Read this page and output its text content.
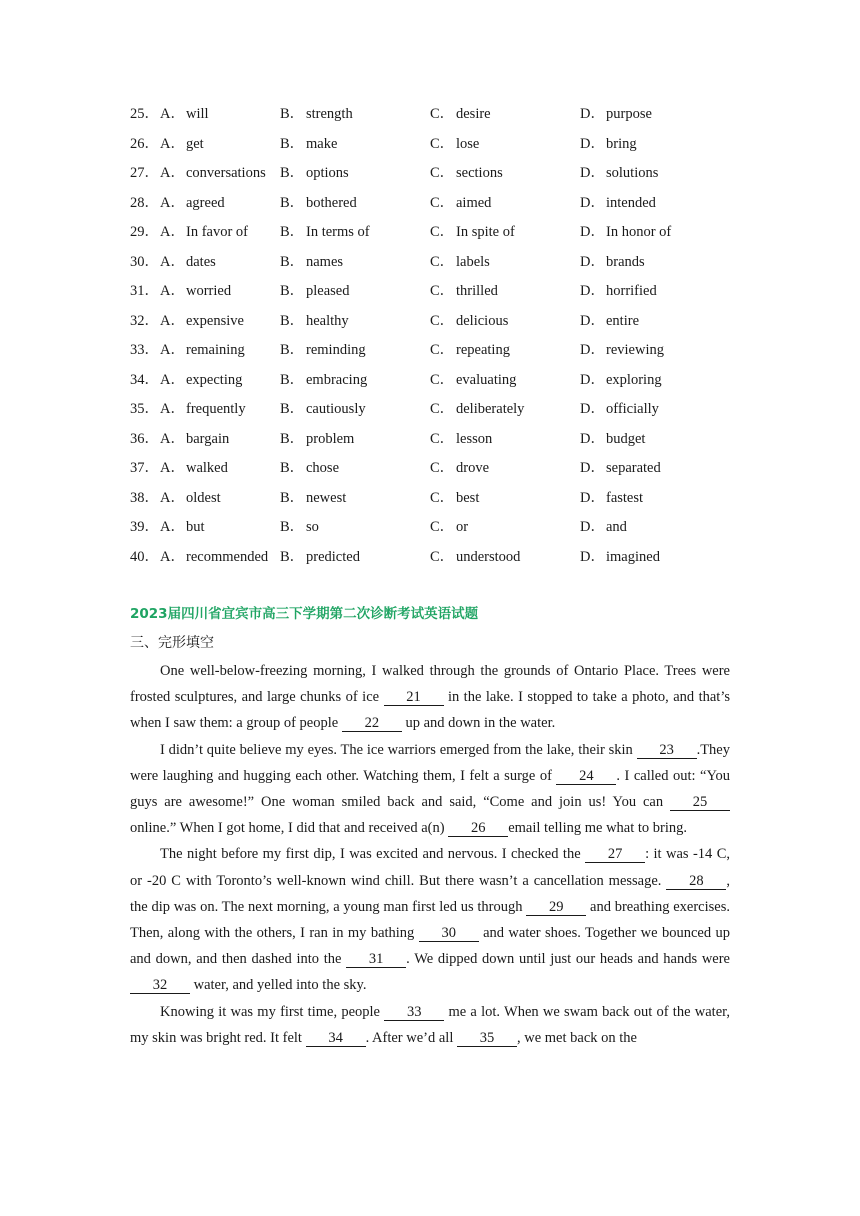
25． A．will	B． strength	C． desire	D．purpose
26． A．get	B． make	C． lose	D．bring
27． A．conversations B． options	C． sections	D．solutions
28． A．agreed	B． bothered	C． aimed	D．intended
29． A．In favor of B． In terms of	C． In spite of	D．In honor of
30． A．dates	B． names	C． labels	D．brands
31． A．worried	B． pleased	C． thrilled	D．horrified
32． A．expensive B． healthy	C． delicious	D．entire
33． A．remaining B． reminding	C． repeating	D．reviewing
34． A．expecting	B． embracing	C． evaluating	D．exploring
35． A．frequently B． cautiously	C． deliberately	D．officially
36． A．bargain	B． problem	C． lesson	D．budget
37． A．walked	B． chose	C． drove	D．separated
38． A．oldest	B． newest	C． best	D．fastest
39． A．but	B． so	C． or	D．and
40． A．recommended B． predicted	C． understood	D．imagined
2023届四川省宜宾市高三下学期第二次诊断考试英语试题
三、完形填空

One well-below-freezing morning, I walked through the grounds of Ontario Place. Trees were frosted sculptures, and large chunks of ice 21 in the lake. I stopped to take a photo, and that’s when I saw them: a group of people 22 up and down in the water.

I didn’t quite believe my eyes. The ice warriors emerged from the lake, their skin 23 .They were laughing and hugging each other. Watching them, I felt a surge of 24 . I called out: “You guys are awesome!” One woman smiled back and said, “Come and join us! You can 25 online.” When I got home, I did that and received a(n) 26 email telling me what to bring.

The night before my first dip, I was excited and nervous. I checked the 27 : it was -14 C, or -20 C with Toronto’s well-known wind chill. But there wasn’t a cancellation message. 28 , the dip was on. The next morning, a young man first led us through 29 and breathing exercises. Then, along with the others, I ran in my bathing 30 and water shoes. Together we bounced up and down, and then dashed into the 31 . We dipped down until just our heads and hands were 32 water, and yelled into the sky.

Knowing it was my first time, people 33 me a lot. When we swam back out of the water, my skin was bright red. It felt 34 . After we’d all 35 , we met back on the
